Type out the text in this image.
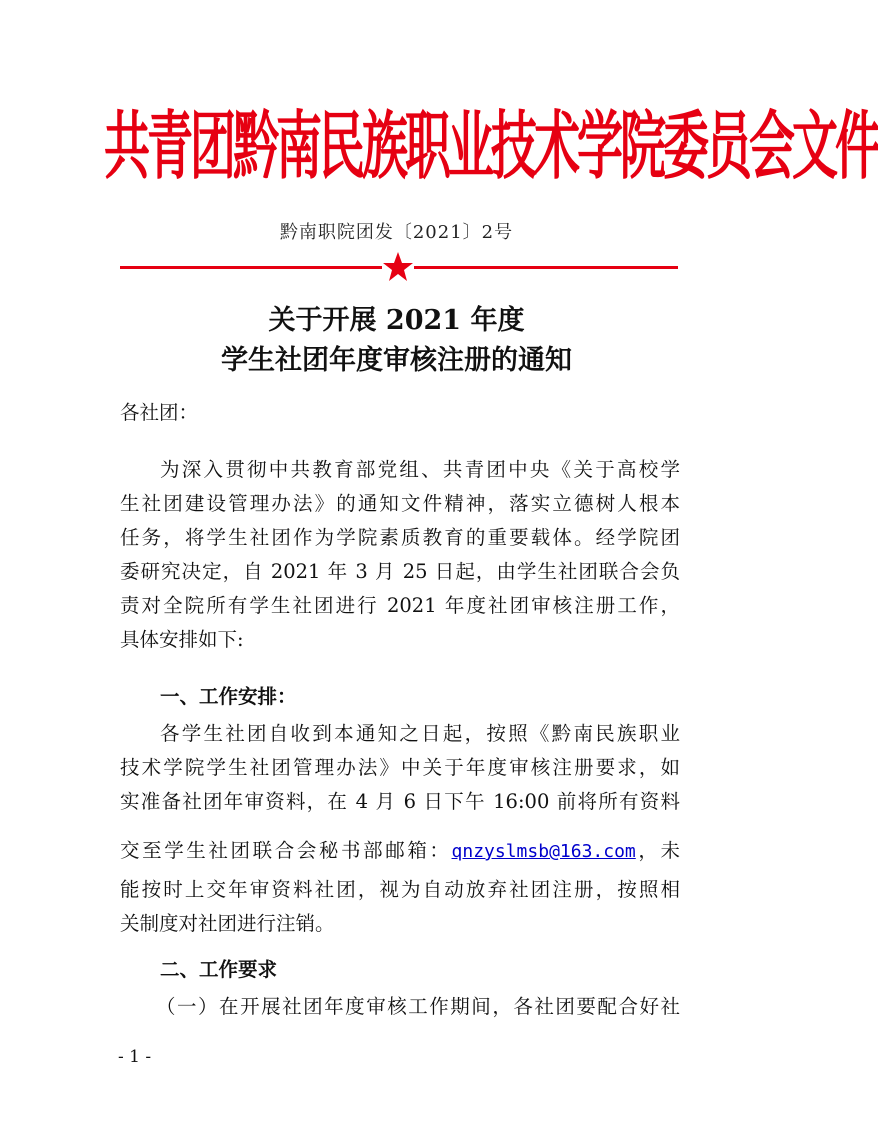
共青团黔南民族职业技术学院委员会文件
黔南职院团发〔2021〕2号
关于开展 2021 年度
学生社团年度审核注册的通知
各社团：
为深入贯彻中共教育部党组、共青团中央《关于高校学
生社团建设管理办法》的通知文件精神，落实立德树人根本
任务，将学生社团作为学院素质教育的重要载体。经学院团
委研究决定，自 2021 年 3 月 25 日起，由学生社团联合会负
责对全院所有学生社团进行 2021 年度社团审核注册工作，
具体安排如下:
一、工作安排：
各学生社团自收到本通知之日起，按照《黔南民族职业
技术学院学生社团管理办法》中关于年度审核注册要求，如
实准备社团年审资料，在 4 月 6 日下午 16:00 前将所有资料
交至学生社团联合会秘书部邮箱：qnzyslmsb@163.com，未
能按时上交年审资料社团，视为自动放弃社团注册，按照相
关制度对社团进行注销。
二、工作要求
（一）在开展社团年度审核工作期间，各社团要配合好社
- 1 -
